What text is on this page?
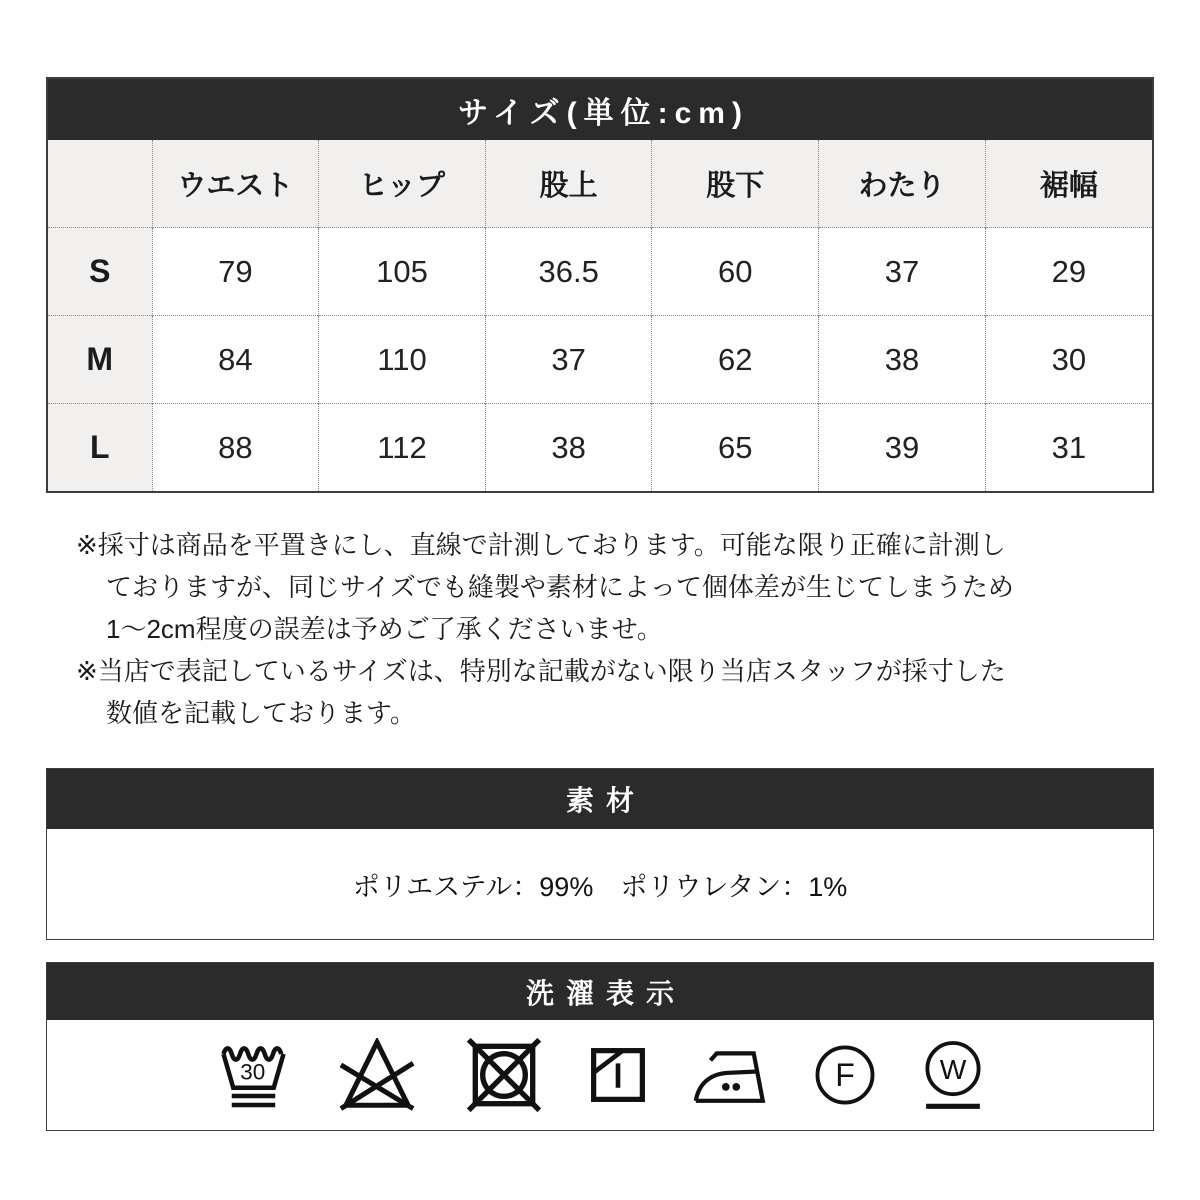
サイズ(単位:cm)
	ウエスト	ヒップ	股上	股下	わたり	裾幅
S	79	105	36.5	60	37	29
M	84	110	37	62	38	30
L	88	112	38	65	39	31
※採寸は商品を平置きにし、直線で計測しております。可能な限り正確に計測し
ておりますが、同じサイズでも縫製や素材によって個体差が生じてしまうため
1〜2cm程度の誤差は予めご了承くださいませ。
※当店で表記しているサイズは、特別な記載がない限り当店スタッフが採寸した
数値を記載しております。
素材
ポリエステル：99%　ポリウレタン：1%
洗濯表示
30	F W
